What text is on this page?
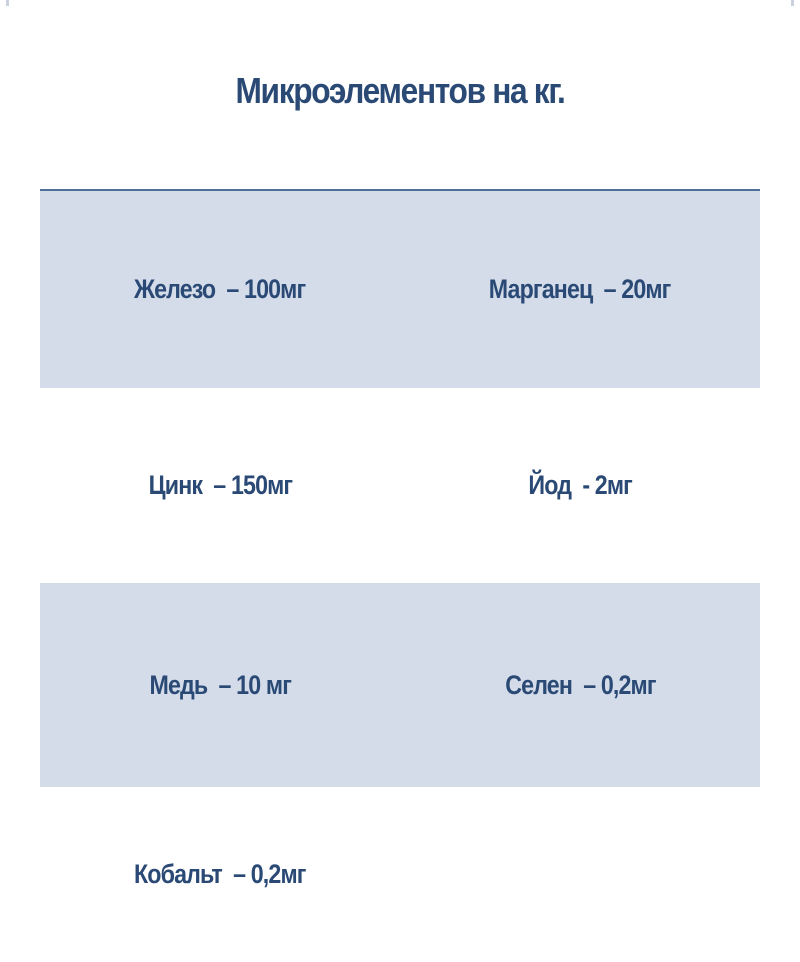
Микроэлементов на кг.
Железо  – 100мг	Марганец  – 20мг
Цинк  – 150мг	Йод  - 2мг
Медь  – 10 мг	Селен  – 0,2мг
Кобальт  – 0,2мг
